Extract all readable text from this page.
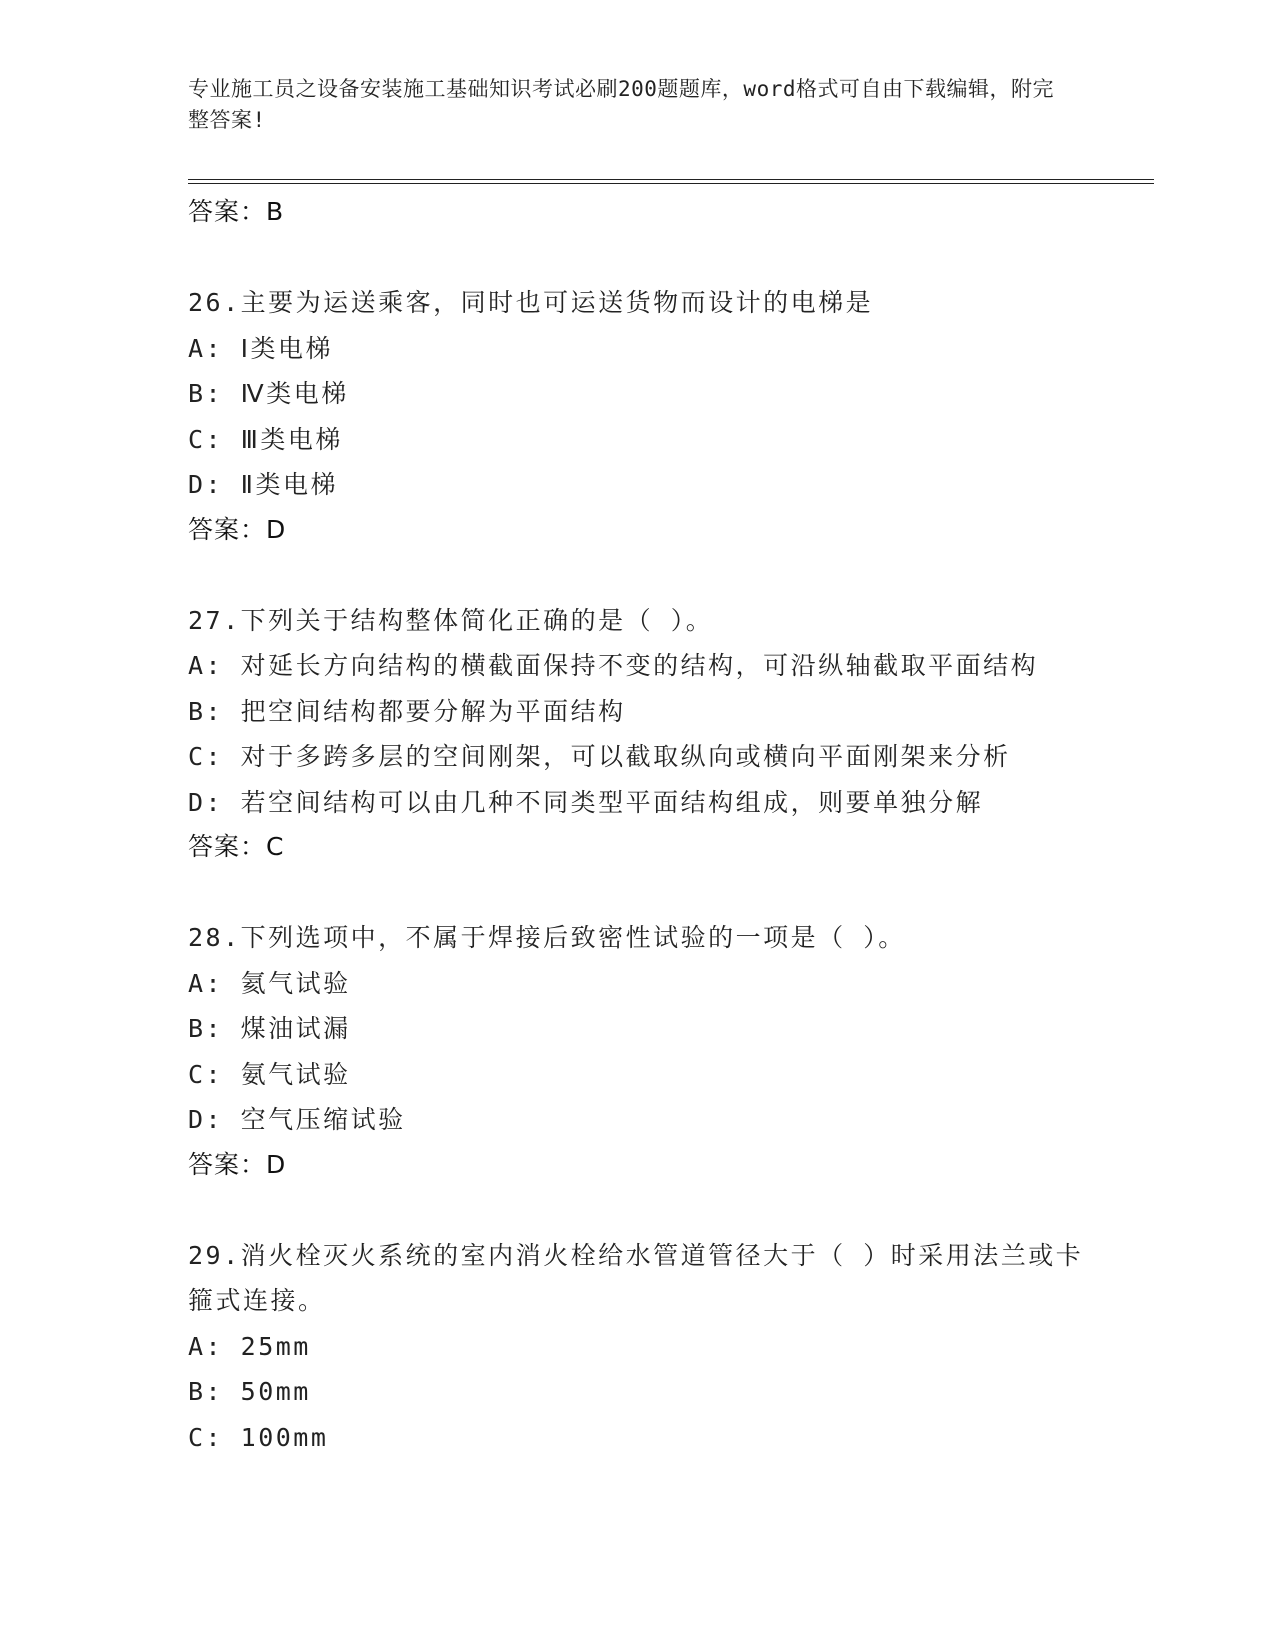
专业施工员之设备安装施工基础知识考试必刷200题题库，word格式可自由下载编辑，附完整答案!
答案：B
26.主要为运送乘客，同时也可运送货物而设计的电梯是
A: Ⅰ类电梯
B: Ⅳ类电梯
C: Ⅲ类电梯
D: Ⅱ类电梯
答案：D
27.下列关于结构整体简化正确的是（ ）。
A: 对延长方向结构的横截面保持不变的结构，可沿纵轴截取平面结构
B: 把空间结构都要分解为平面结构
C: 对于多跨多层的空间刚架，可以截取纵向或横向平面刚架来分析
D: 若空间结构可以由几种不同类型平面结构组成，则要单独分解
答案：C
28.下列选项中，不属于焊接后致密性试验的一项是（ ）。
A: 氦气试验
B: 煤油试漏
C: 氨气试验
D: 空气压缩试验
答案：D
29.消火栓灭火系统的室内消火栓给水管道管径大于（ ）时采用法兰或卡箍式连接。
A: 25mm
B: 50mm
C: 100mm
